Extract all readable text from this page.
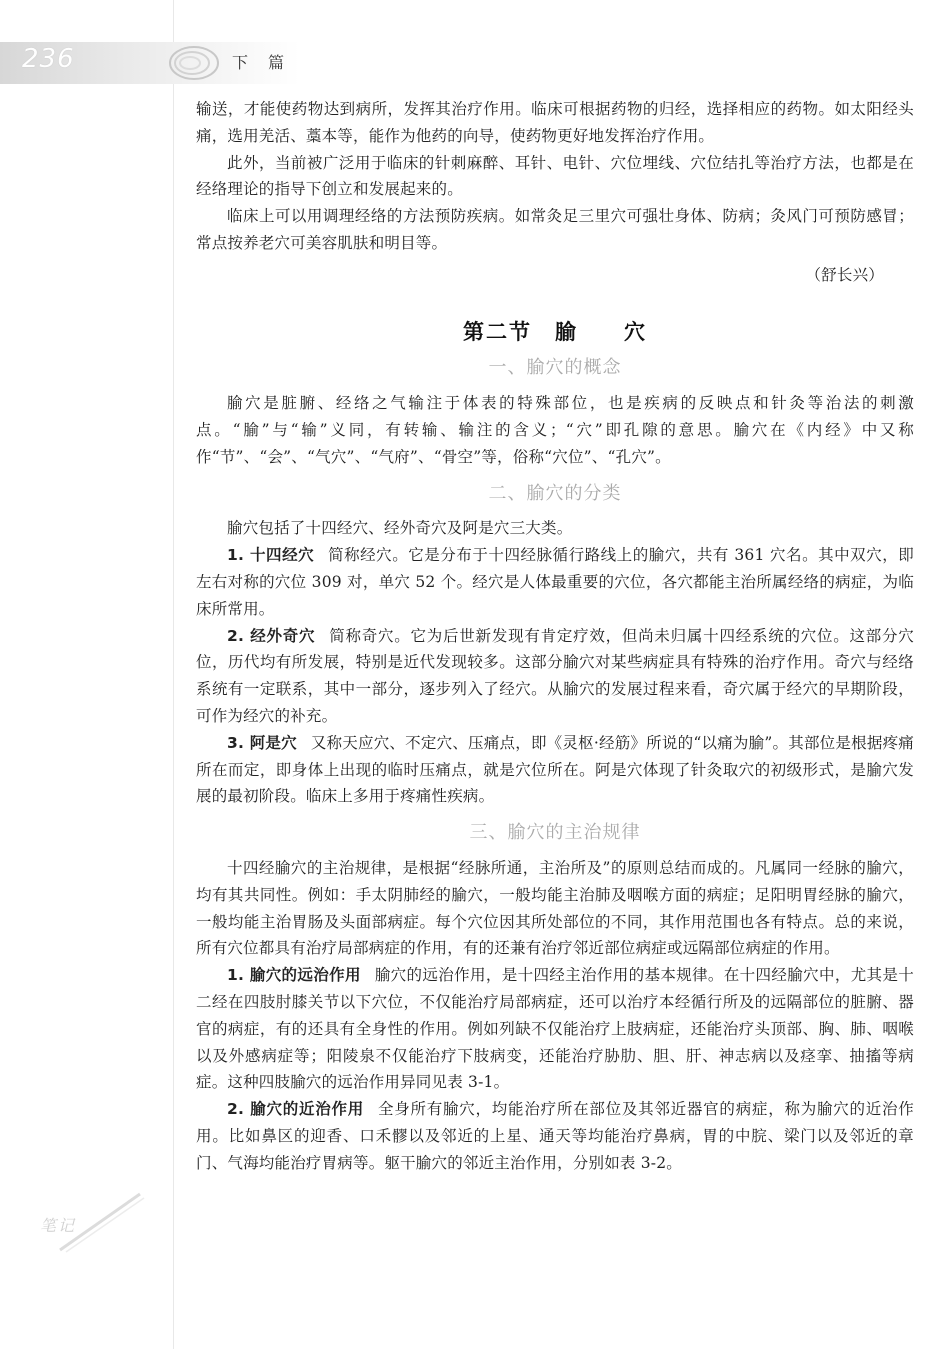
236	下　篇

输送，才能使药物达到病所，发挥其治疗作用。临床可根据药物的归经，选择相应的药物。如太阳经头痛，选用羌活、藁本等，能作为他药的向导，使药物更好地发挥治疗作用。

此外，当前被广泛用于临床的针刺麻醉、耳针、电针、穴位埋线、穴位结扎等治疗方法，也都是在经络理论的指导下创立和发展起来的。

临床上可以用调理经络的方法预防疾病。如常灸足三里穴可强壮身体、防病；灸风门可预防感冒；常点按养老穴可美容肌肤和明目等。

（舒长兴）

第二节　腧　　穴
一、腧穴的概念

腧穴是脏腑、经络之气输注于体表的特殊部位，也是疾病的反映点和针灸等治法的刺激点。“腧”与“输”义同，有转输、输注的含义；“穴”即孔隙的意思。腧穴在《内经》中又称作“节”、“会”、“气穴”、“气府”、“骨空”等，俗称“穴位”、“孔穴”。

二、腧穴的分类

腧穴包括了十四经穴、经外奇穴及阿是穴三大类。

1. 十四经穴 简称经穴。它是分布于十四经脉循行路线上的腧穴，共有 361 穴名。其中双穴，即左右对称的穴位 309 对，单穴 52 个。经穴是人体最重要的穴位，各穴都能主治所属经络的病症，为临床所常用。

2. 经外奇穴 简称奇穴。它为后世新发现有肯定疗效，但尚未归属十四经系统的穴位。这部分穴位，历代均有所发展，特别是近代发现较多。这部分腧穴对某些病症具有特殊的治疗作用。奇穴与经络系统有一定联系，其中一部分，逐步列入了经穴。从腧穴的发展过程来看，奇穴属于经穴的早期阶段，可作为经穴的补充。

3. 阿是穴 又称天应穴、不定穴、压痛点，即《灵枢·经筋》所说的“以痛为腧”。其部位是根据疼痛所在而定，即身体上出现的临时压痛点，就是穴位所在。阿是穴体现了针灸取穴的初级形式，是腧穴发展的最初阶段。临床上多用于疼痛性疾病。

三、腧穴的主治规律

十四经腧穴的主治规律，是根据“经脉所通，主治所及”的原则总结而成的。凡属同一经脉的腧穴，均有其共同性。例如：手太阴肺经的腧穴，一般均能主治肺及咽喉方面的病症；足阳明胃经脉的腧穴，一般均能主治胃肠及头面部病症。每个穴位因其所处部位的不同，其作用范围也各有特点。总的来说，所有穴位都具有治疗局部病症的作用，有的还兼有治疗邻近部位病症或远隔部位病症的作用。

1. 腧穴的远治作用 腧穴的远治作用，是十四经主治作用的基本规律。在十四经腧穴中，尤其是十二经在四肢肘膝关节以下穴位，不仅能治疗局部病症，还可以治疗本经循行所及的远隔部位的脏腑、器官的病症，有的还具有全身性的作用。例如列缺不仅能治疗上肢病症，还能治疗头顶部、胸、肺、咽喉以及外感病症等；阳陵泉不仅能治疗下肢病变，还能治疗胁肋、胆、肝、神志病以及痉挛、抽搐等病症。这种四肢腧穴的远治作用异同见表 3-1。

2. 腧穴的近治作用 全身所有腧穴，均能治疗所在部位及其邻近器官的病症，称为腧穴的近治作用。比如鼻区的迎香、口禾髎以及邻近的上星、通天等均能治疗鼻病，胃的中脘、梁门以及邻近的章门、气海均能治疗胃病等。躯干腧穴的邻近主治作用，分别如表 3-2。

笔记
